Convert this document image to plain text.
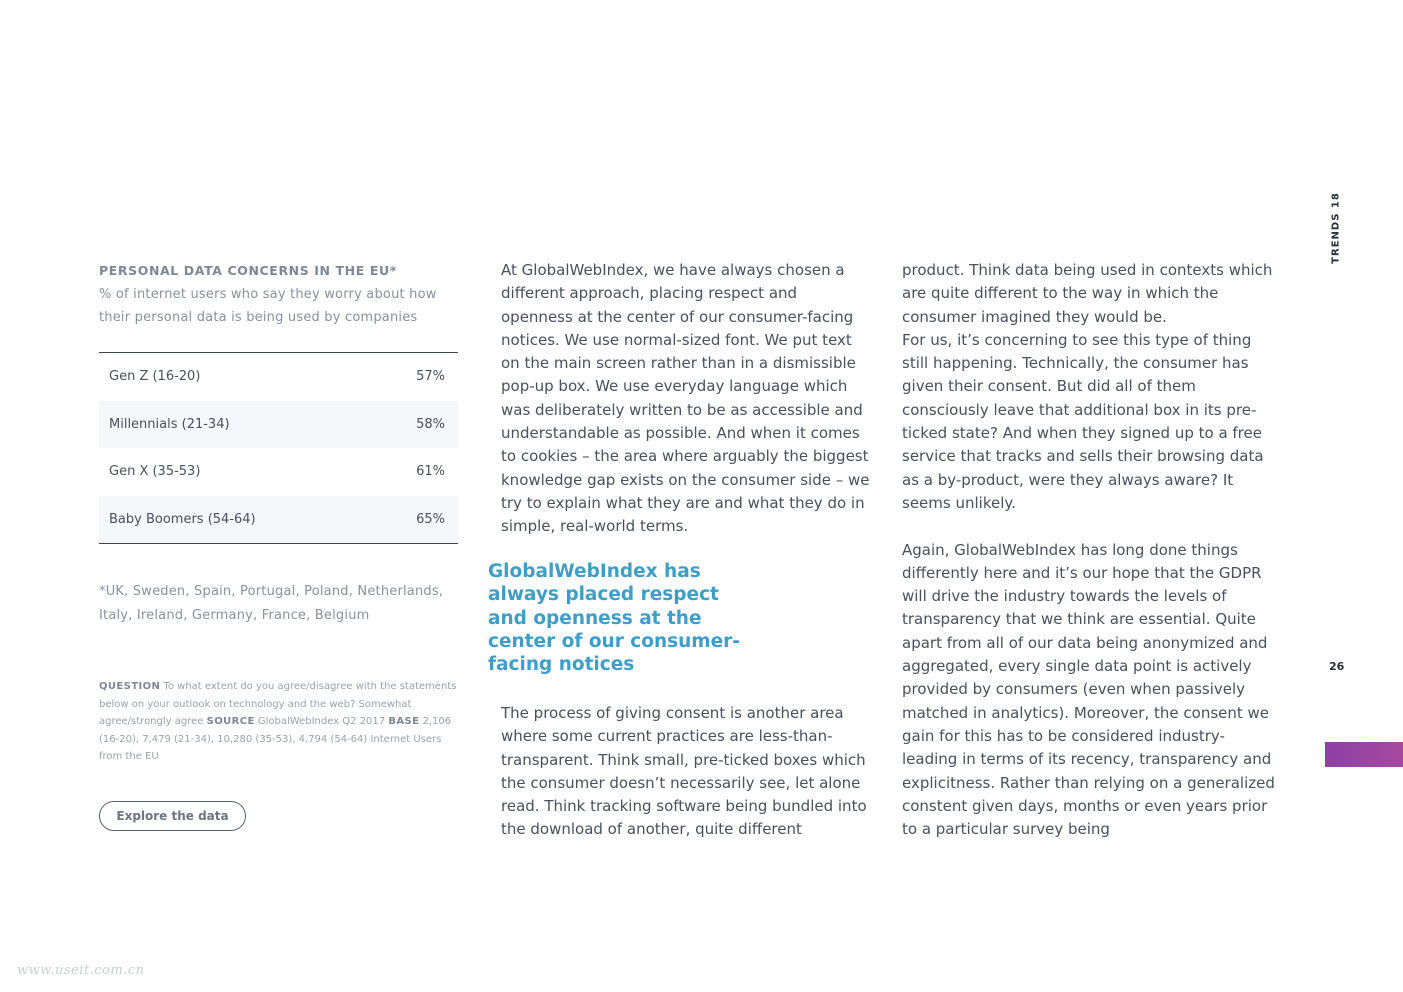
PERSONAL DATA CONCERNS IN THE EU*
% of internet users who say they worry about how their personal data is being used by companies
Gen Z (16-20)	57%
Millennials (21-34)	58%
Gen X (35-53)	61%
Baby Boomers (54-64)	65%
*UK, Sweden, Spain, Portugal, Poland, Netherlands, Italy, Ireland, Germany, France, Belgium
QUESTION To what extent do you agree/disagree with the statements below on your outlook on technology and the web? Somewhat agree/strongly agree SOURCE GlobalWebIndex Q2 2017 BASE 2,106 (16-20), 7,479 (21-34), 10,280 (35-53), 4,794 (54-64) Internet Users from the EU
Explore the data

At GlobalWebIndex, we have always chosen a different approach, placing respect and openness at the center of our consumer-facing notices. We use normal-sized font. We put text on the main screen rather than in a dismissible pop-up box. We use everyday language which was deliberately written to be as accessible and understandable as possible. And when it comes to cookies – the area where arguably the biggest knowledge gap exists on the consumer side – we try to explain what they are and what they do in simple, real-world terms.

GlobalWebIndex has always placed respect and openness at the center of our consumer-facing notices

The process of giving consent is another area where some current practices are less-than-transparent. Think small, pre-ticked boxes which the consumer doesn’t necessarily see, let alone read. Think tracking software being bundled into the download of another, quite different

product. Think data being used in contexts which are quite different to the way in which the consumer imagined they would be.

For us, it’s concerning to see this type of thing still happening. Technically, the consumer has given their consent. But did all of them consciously leave that additional box in its pre-ticked state? And when they signed up to a free service that tracks and sells their browsing data as a by-product, were they always aware? It seems unlikely.

Again, GlobalWebIndex has long done things differently here and it’s our hope that the GDPR will drive the industry towards the levels of transparency that we think are essential. Quite apart from all of our data being anonymized and aggregated, every single data point is actively provided by consumers (even when passively matched in analytics). Moreover, the consent we gain for this has to be considered industry-leading in terms of its recency, transparency and explicitness. Rather than relying on a generalized constent given days, months or even years prior to a particular survey being

TRENDS 18
26
www.useit.com.cn
